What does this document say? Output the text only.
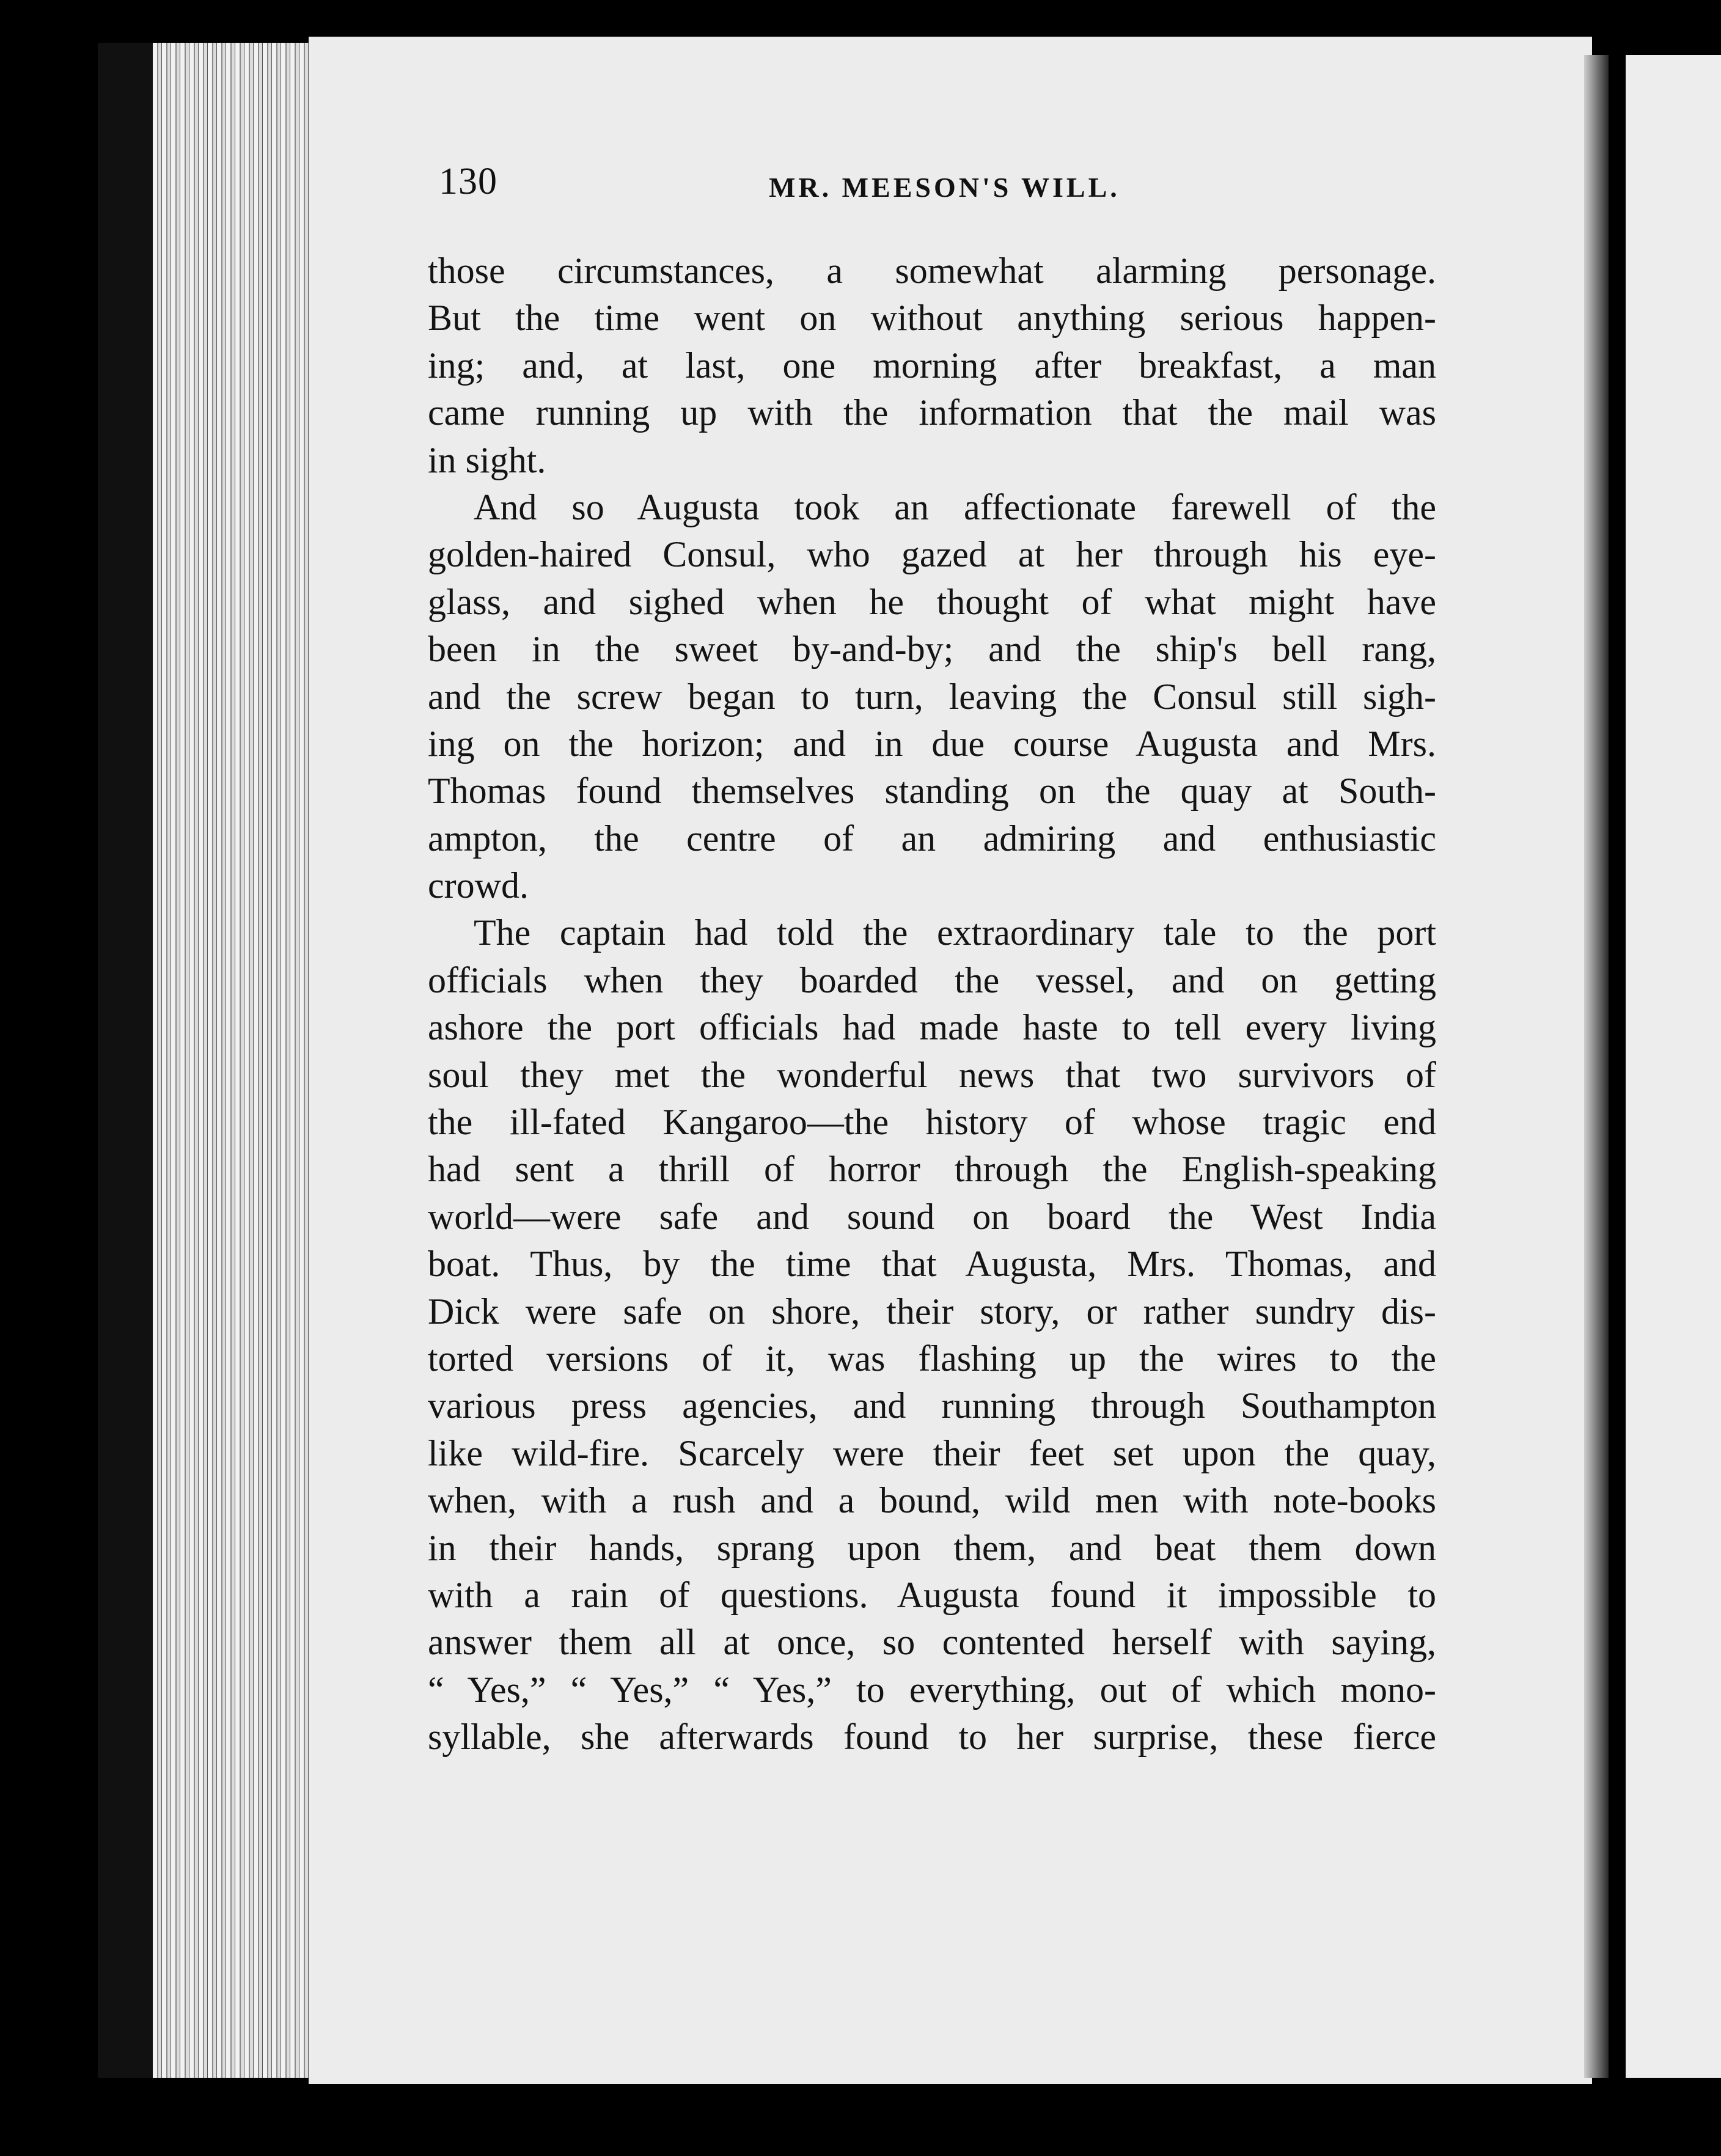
130	MR. MEESON'S WILL.
those circumstances, a somewhat alarming personage.
But the time went on without anything serious happen-
ing; and, at last, one morning after breakfast, a man
came running up with the information that the mail was
in sight.
And so Augusta took an affectionate farewell of the
golden-haired Consul, who gazed at her through his eye-
glass, and sighed when he thought of what might have
been in the sweet by-and-by; and the ship's bell rang,
and the screw began to turn, leaving the Consul still sigh-
ing on the horizon; and in due course Augusta and Mrs.
Thomas found themselves standing on the quay at South-
ampton, the centre of an admiring and enthusiastic
crowd.
The captain had told the extraordinary tale to the port
officials when they boarded the vessel, and on getting
ashore the port officials had made haste to tell every living
soul they met the wonderful news that two survivors of
the ill-fated Kangaroo—the history of whose tragic end
had sent a thrill of horror through the English-speaking
world—were safe and sound on board the West India
boat. Thus, by the time that Augusta, Mrs. Thomas, and
Dick were safe on shore, their story, or rather sundry dis-
torted versions of it, was flashing up the wires to the
various press agencies, and running through Southampton
like wild-fire. Scarcely were their feet set upon the quay,
when, with a rush and a bound, wild men with note-books
in their hands, sprang upon them, and beat them down
with a rain of questions. Augusta found it impossible to
answer them all at once, so contented herself with saying,
“ Yes,” “ Yes,” “ Yes,” to everything, out of which mono-
syllable, she afterwards found to her surprise, these fierce
